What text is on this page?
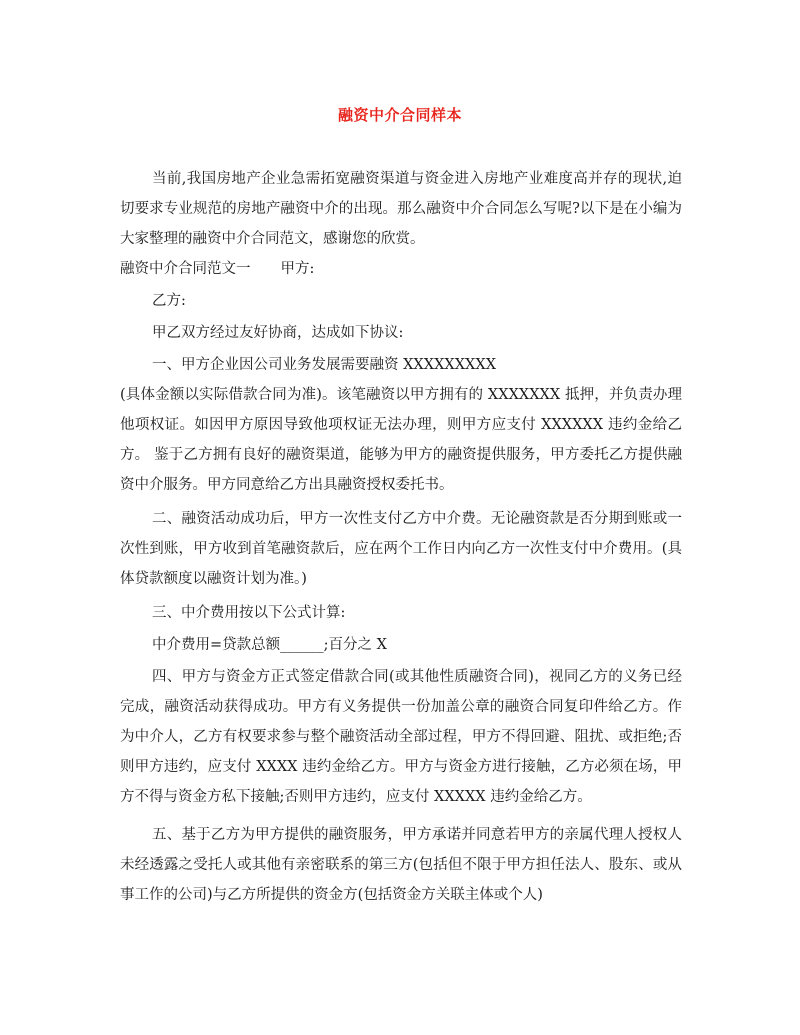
融资中介合同样本

当前,我国房地产企业急需拓宽融资渠道与资金进入房地产业难度高并存的现状,迫切要求专业规范的房地产融资中介的出现。那么融资中介合同怎么写呢?以下是在小编为大家整理的融资中介合同范文，感谢您的欣赏。

融资中介合同范文一 甲方:

乙方:

甲乙双方经过友好协商，达成如下协议:

一、甲方企业因公司业务发展需要融资 XXXXXXXXX

(具体金额以实际借款合同为准)。该笔融资以甲方拥有的 XXXXXXX 抵押，并负责办理他项权证。如因甲方原因导致他项权证无法办理，则甲方应支付 XXXXXX 违约金给乙方。 鉴于乙方拥有良好的融资渠道，能够为甲方的融资提供服务，甲方委托乙方提供融资中介服务。甲方同意给乙方出具融资授权委托书。

二、融资活动成功后，甲方一次性支付乙方中介费。无论融资款是否分期到账或一次性到账，甲方收到首笔融资款后，应在两个工作日内向乙方一次性支付中介费用。(具体贷款额度以融资计划为准。)

三、中介费用按以下公式计算:

中介费用=贷款总额______;百分之 X

四、甲方与资金方正式签定借款合同(或其他性质融资合同)，视同乙方的义务已经完成，融资活动获得成功。甲方有义务提供一份加盖公章的融资合同复印件给乙方。作为中介人，乙方有权要求参与整个融资活动全部过程，甲方不得回避、阻扰、或拒绝;否则甲方违约，应支付 XXXX 违约金给乙方。甲方与资金方进行接触，乙方必须在场，甲方不得与资金方私下接触;否则甲方违约，应支付 XXXXX 违约金给乙方。

五、基于乙方为甲方提供的融资服务，甲方承诺并同意若甲方的亲属代理人授权人未经透露之受托人或其他有亲密联系的第三方(包括但不限于甲方担任法人、股东、或从事工作的公司)与乙方所提供的资金方(包括资金方关联主体或个人)
